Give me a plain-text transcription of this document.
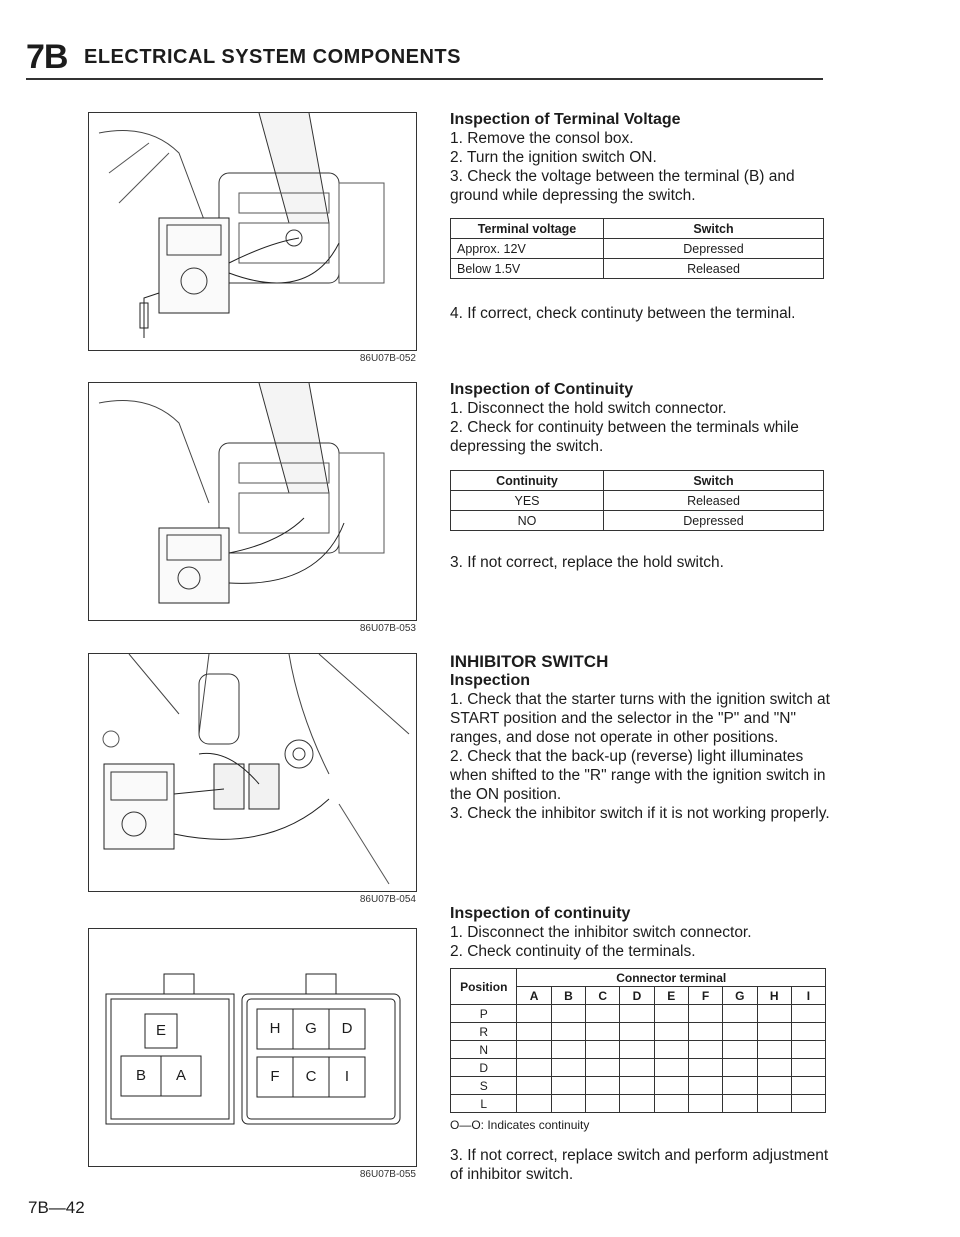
7B ELECTRICAL SYSTEM COMPONENTS
86U07B-052
86U07B-053
86U07B-054
E
B	A
H	G	D
F	C	I
86U07B-055
Inspection of Terminal Voltage
1. Remove the consol box.
2. Turn the ignition switch ON.
3. Check the voltage between the terminal (B) and ground while depressing the switch.
Terminal voltage	Switch
Approx. 12V	Depressed
Below 1.5V	Released
4. If correct, check continuty between the terminal.
Inspection of Continuity
1. Disconnect the hold switch connector.
2. Check for continuity between the terminals while depressing the switch.
Continuity	Switch
YES	Released
NO	Depressed
3. If not correct, replace the hold switch.
INHIBITOR SWITCH
Inspection
1. Check that the starter turns with the ignition switch at START position and the selector in the "P" and "N" ranges, and dose not operate in other positions.
2. Check that the back-up (reverse) light illuminates when shifted to the "R" range with the ignition switch in the ON position.
3. Check the inhibitor switch if it is not working properly.
Inspection of continuity
1. Disconnect the inhibitor switch connector.
2. Check continuity of the terminals.
Position	Connector terminal								
	A	B	C	D	E	F	G	H	I
P									
R									
N									
D									
S									
L									
O—O: Indicates continuity
3. If not correct, replace switch and perform adjustment of inhibitor switch.
7B—42
